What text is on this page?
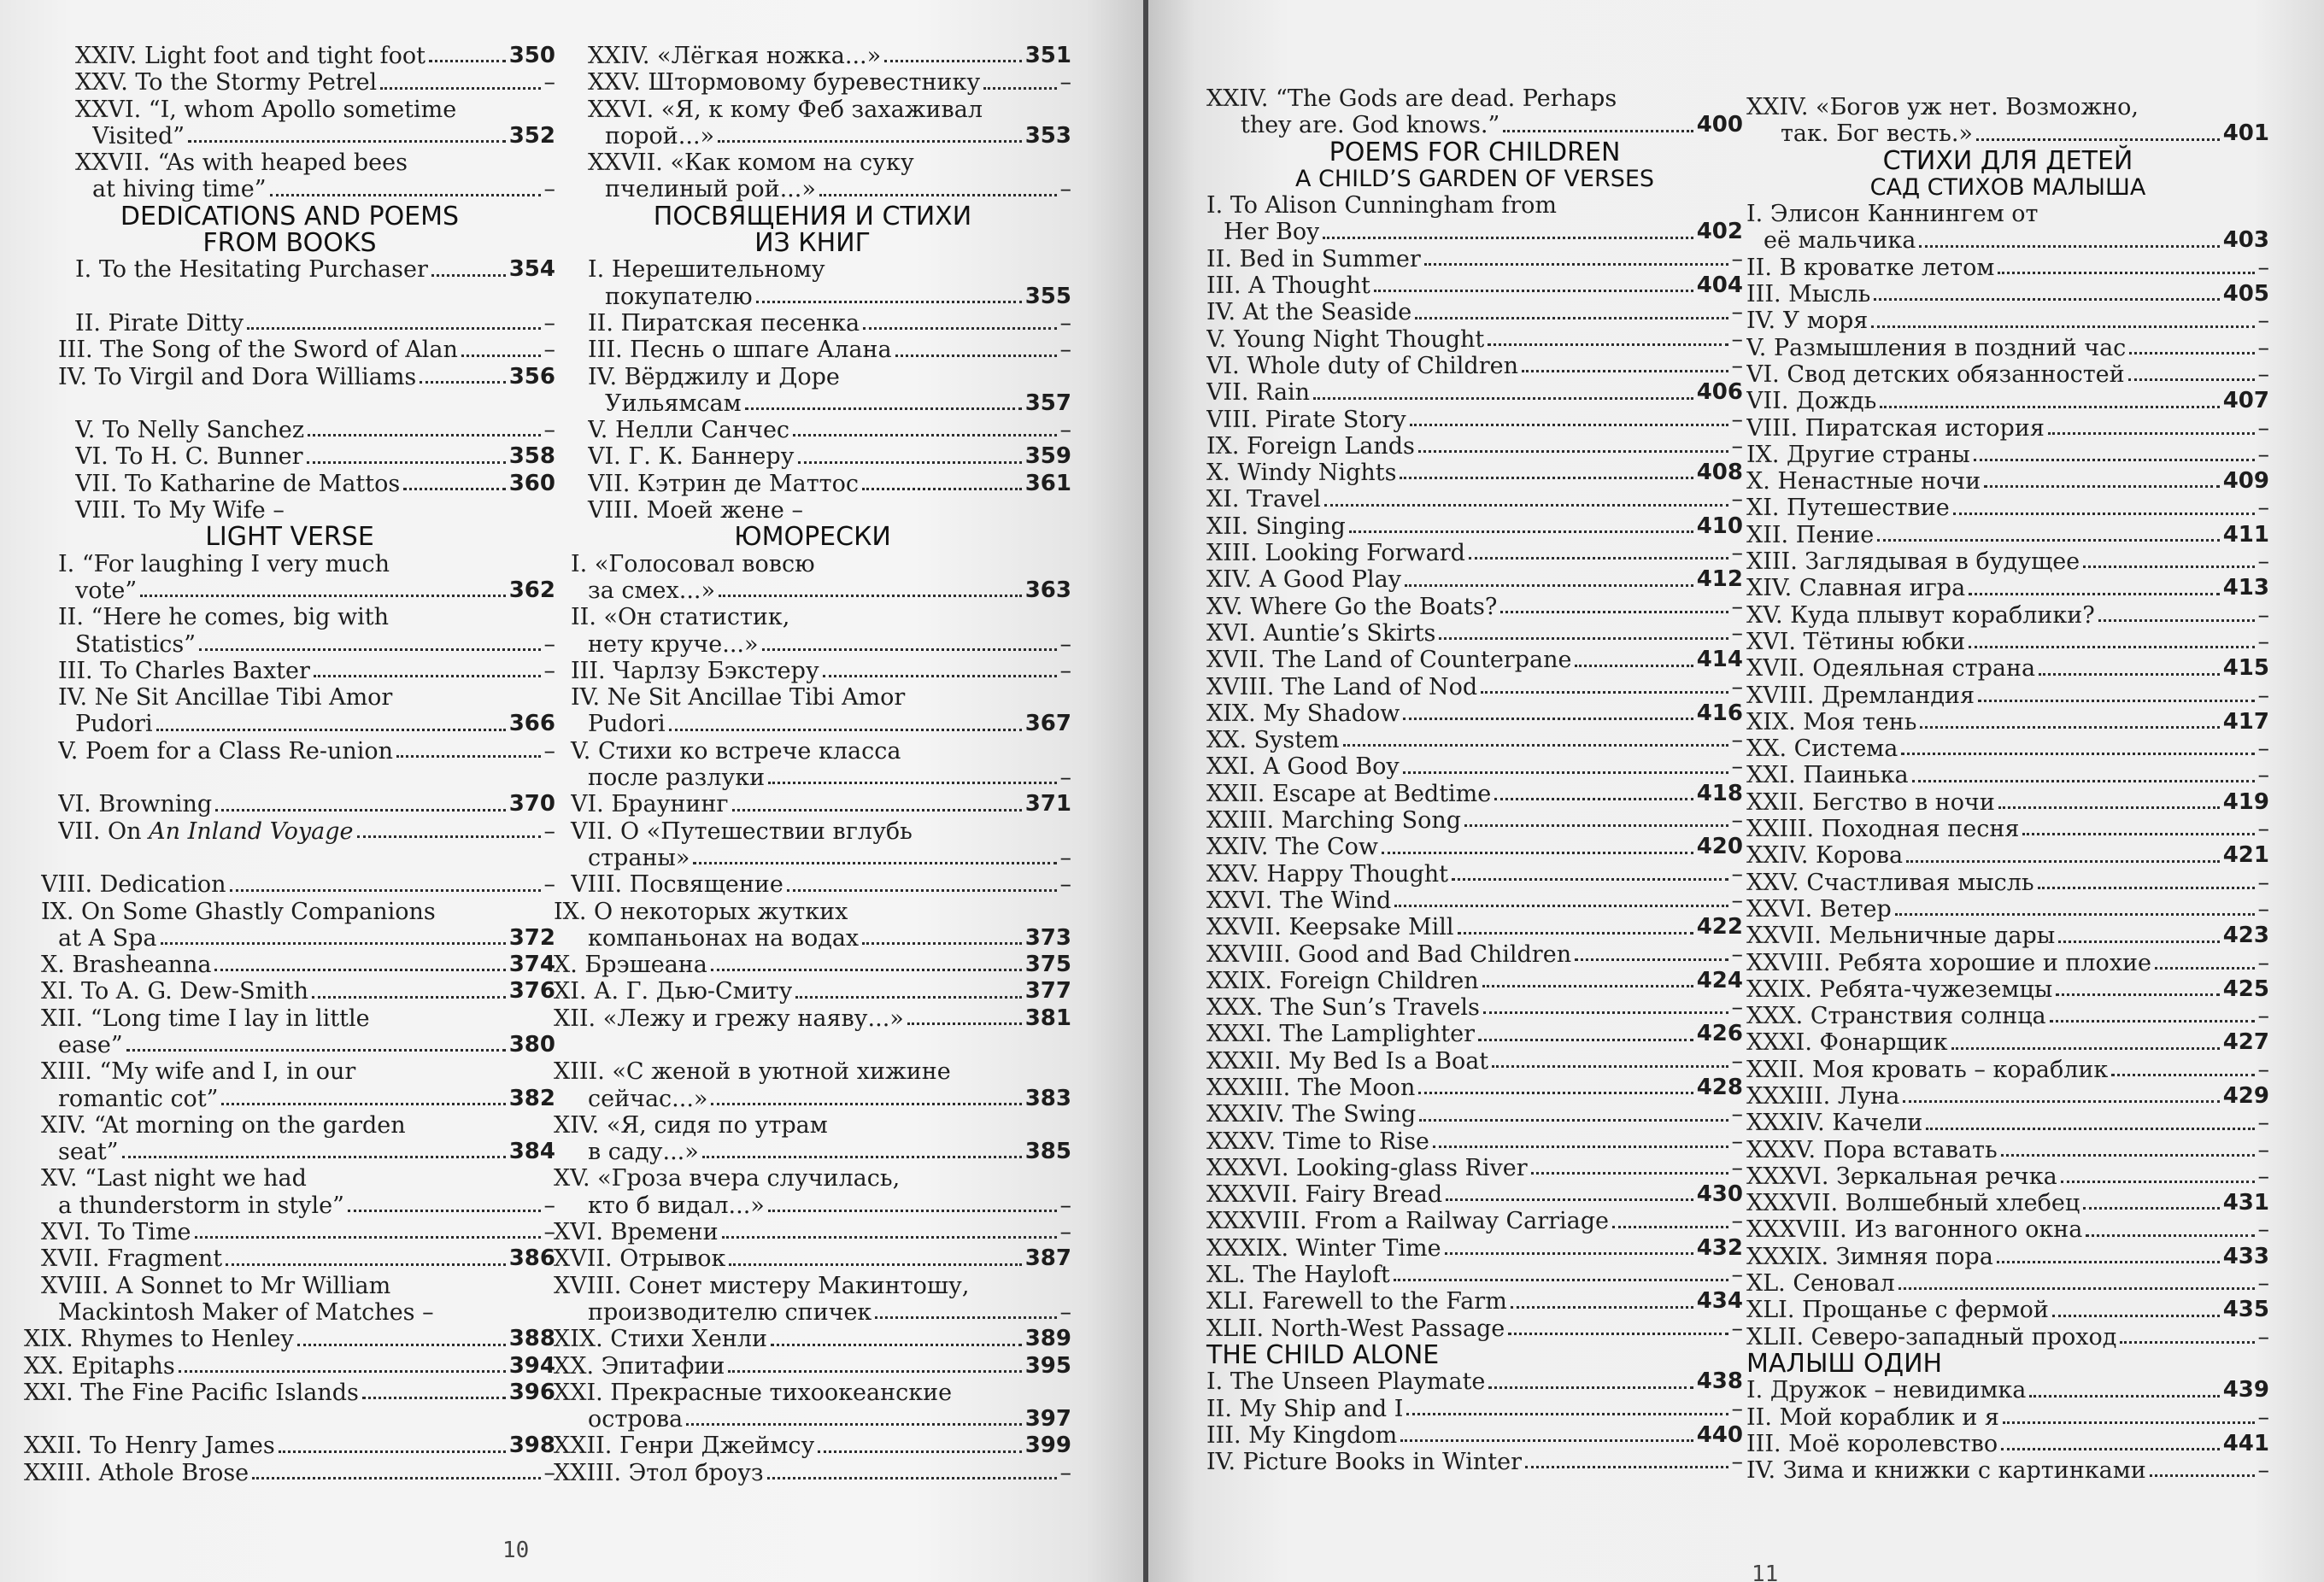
XXIV. Light foot and tight foot	350
XXV. To the Stormy Petrel	–
XXVI. “I, whom Apollo sometime
Visited”	352
XXVII. “As with heaped bees
at hiving time”	–
DEDICATIONS AND POEMS
FROM BOOKS
I. To the Hesitating Purchaser	354
II. Pirate Ditty	–
III. The Song of the Sword of Alan	–
IV. To Virgil and Dora Williams	356
V. To Nelly Sanchez	–
VI. To H. C. Bunner	358
VII. To Katharine de Mattos	360
VIII. To My Wife –
LIGHT VERSE
I. “For laughing I very much
vote”	362
II. “Here he comes, big with
Statistics”	–
III. To Charles Baxter	–
IV. Ne Sit Ancillae Tibi Amor
Pudori	366
V. Poem for a Class Re-union	–
VI. Browning	370
VII. On An Inland Voyage	–
VIII. Dedication	–
IX. On Some Ghastly Companions
at A Spa	372
X. Brasheanna	374
XI. To A. G. Dew-Smith	376
XII. “Long time I lay in little
ease”	380
XIII. “My wife and I, in our
romantic cot”	382
XIV. “At morning on the garden
seat”	384
XV. “Last night we had
a thunderstorm in style”	–
XVI. To Time	–
XVII. Fragment	386
XVIII. A Sonnet to Mr William
Mackintosh Maker of Matches –
XIX. Rhymes to Henley	388
XX. Epitaphs	394
XXI. The Fine Pacific Islands	396
XXII. To Henry James	398
XXIII. Athole Brose	–
XXIV. «Лёгкая ножка...»	351
XXV. Штормовому буревестнику	–
XXVI. «Я, к кому Феб захаживал
порой...»	353
XXVII. «Как комом на суку
пчелиный рой...»	–
ПОСВЯЩЕНИЯ И СТИХИ
ИЗ КНИГ
I. Нерешительному
покупателю	355
II. Пиратская песенка	–
III. Песнь о шпаге Алана	–
IV. Вёрджилу и Доре
Уильямсам	357
V. Нелли Санчес	–
VI. Г. К. Баннеру	359
VII. Кэтрин де Маттос	361
VIII. Моей жене –
ЮМОРЕСКИ
I. «Голосовал вовсю
за смех...»	363
II. «Он статистик,
нету круче...»	–
III. Чарлзу Бэкстеру	–
IV. Ne Sit Ancillae Tibi Amor
Pudori	367
V. Стихи ко встрече класса
после разлуки	–
VI. Браунинг	371
VII. О «Путешествии вглубь
страны»	–
VIII. Посвящение	–
IX. О некоторых жутких
компаньонах на водах	373
X. Брэшеана	375
XI. А. Г. Дью-Смиту	377
XII. «Лежу и грежу наяву...»	381
XIII. «С женой в уютной хижине
сейчас...»	383
XIV. «Я, сидя по утрам
в саду...»	385
XV. «Гроза вчера случилась,
кто б видал...»	–
XVI. Времени	–
XVII. Отрывок	387
XVIII. Сонет мистеру Макинтошу,
производителю спичек	–
XIX. Стихи Хенли	389
XX. Эпитафии	395
XXI. Прекрасные тихоокеанские
острова	397
XXII. Генри Джеймсу	399
XXIII. Этол броуз	–
10
XXIV. “The Gods are dead. Perhaps
they are. God knows.”	400
POEMS FOR CHILDREN
A CHILD’S GARDEN OF VERSES
I. To Alison Cunningham from
Her Boy	402
II. Bed in Summer	–
III. A Thought	404
IV. At the Seaside	–
V. Young Night Thought	–
VI. Whole duty of Children	–
VII. Rain	406
VIII. Pirate Story	–
IX. Foreign Lands	–
X. Windy Nights	408
XI. Travel	–
XII. Singing	410
XIII. Looking Forward	–
XIV. A Good Play	412
XV. Where Go the Boats?	–
XVI. Auntie’s Skirts	–
XVII. The Land of Counterpane	414
XVIII. The Land of Nod	–
XIX. My Shadow	416
XX. System	–
XXI. A Good Boy	–
XXII. Escape at Bedtime	418
XXIII. Marching Song	–
XXIV. The Cow	420
XXV. Happy Thought	–
XXVI. The Wind	–
XXVII. Keepsake Mill	422
XXVIII. Good and Bad Children	–
XXIX. Foreign Children	424
XXX. The Sun’s Travels	–
XXXI. The Lamplighter	426
XXXII. My Bed Is a Boat	–
XXXIII. The Moon	428
XXXIV. The Swing	–
XXXV. Time to Rise	–
XXXVI. Looking-glass River	–
XXXVII. Fairy Bread	430
XXXVIII. From a Railway Carriage	–
XXXIX. Winter Time	432
XL. The Hayloft	–
XLI. Farewell to the Farm	434
XLII. North-West Passage	–
THE CHILD ALONE
I. The Unseen Playmate	438
II. My Ship and I	–
III. My Kingdom	440
IV. Picture Books in Winter	–
XXIV. «Богов уж нет. Возможно,
так. Бог весть.»	401
СТИХИ ДЛЯ ДЕТЕЙ
САД СТИХОВ МАЛЫША
I. Элисон Каннингем от
её мальчика	403
II. В кроватке летом	–
III. Мысль	405
IV. У моря	–
V. Размышления в поздний час	–
VI. Свод детских обязанностей	–
VII. Дождь	407
VIII. Пиратская история	–
IX. Другие страны	–
X. Ненастные ночи	409
XI. Путешествие	–
XII. Пение	411
XIII. Заглядывая в будущее	–
XIV. Славная игра	413
XV. Куда плывут кораблики?	–
XVI. Тётины юбки	–
XVII. Одеяльная страна	415
XVIII. Дремландия	–
XIX. Моя тень	417
XX. Система	–
XXI. Паинька	–
XXII. Бегство в ночи	419
XXIII. Походная песня	–
XXIV. Корова	421
XXV. Счастливая мысль	–
XXVI. Ветер	–
XXVII. Мельничные дары	423
XXVIII. Ребята хорошие и плохие	–
XXIX. Ребята-чужеземцы	425
XXX. Странствия солнца	–
XXXI. Фонарщик	427
XXII. Моя кровать – кораблик	–
XXXIII. Луна	429
XXXIV. Качели	–
XXXV. Пора вставать	–
XXXVI. Зеркальная речка	–
XXXVII. Волшебный хлебец	431
XXXVIII. Из вагонного окна	–
XXXIX. Зимняя пора	433
XL. Сеновал	–
XLI. Прощанье с фермой	435
XLII. Северо-западный проход	–
МАЛЫШ ОДИН
I. Дружок – невидимка	439
II. Мой кораблик и я	–
III. Моё королевство	441
IV. Зима и книжки с картинками	–
11
